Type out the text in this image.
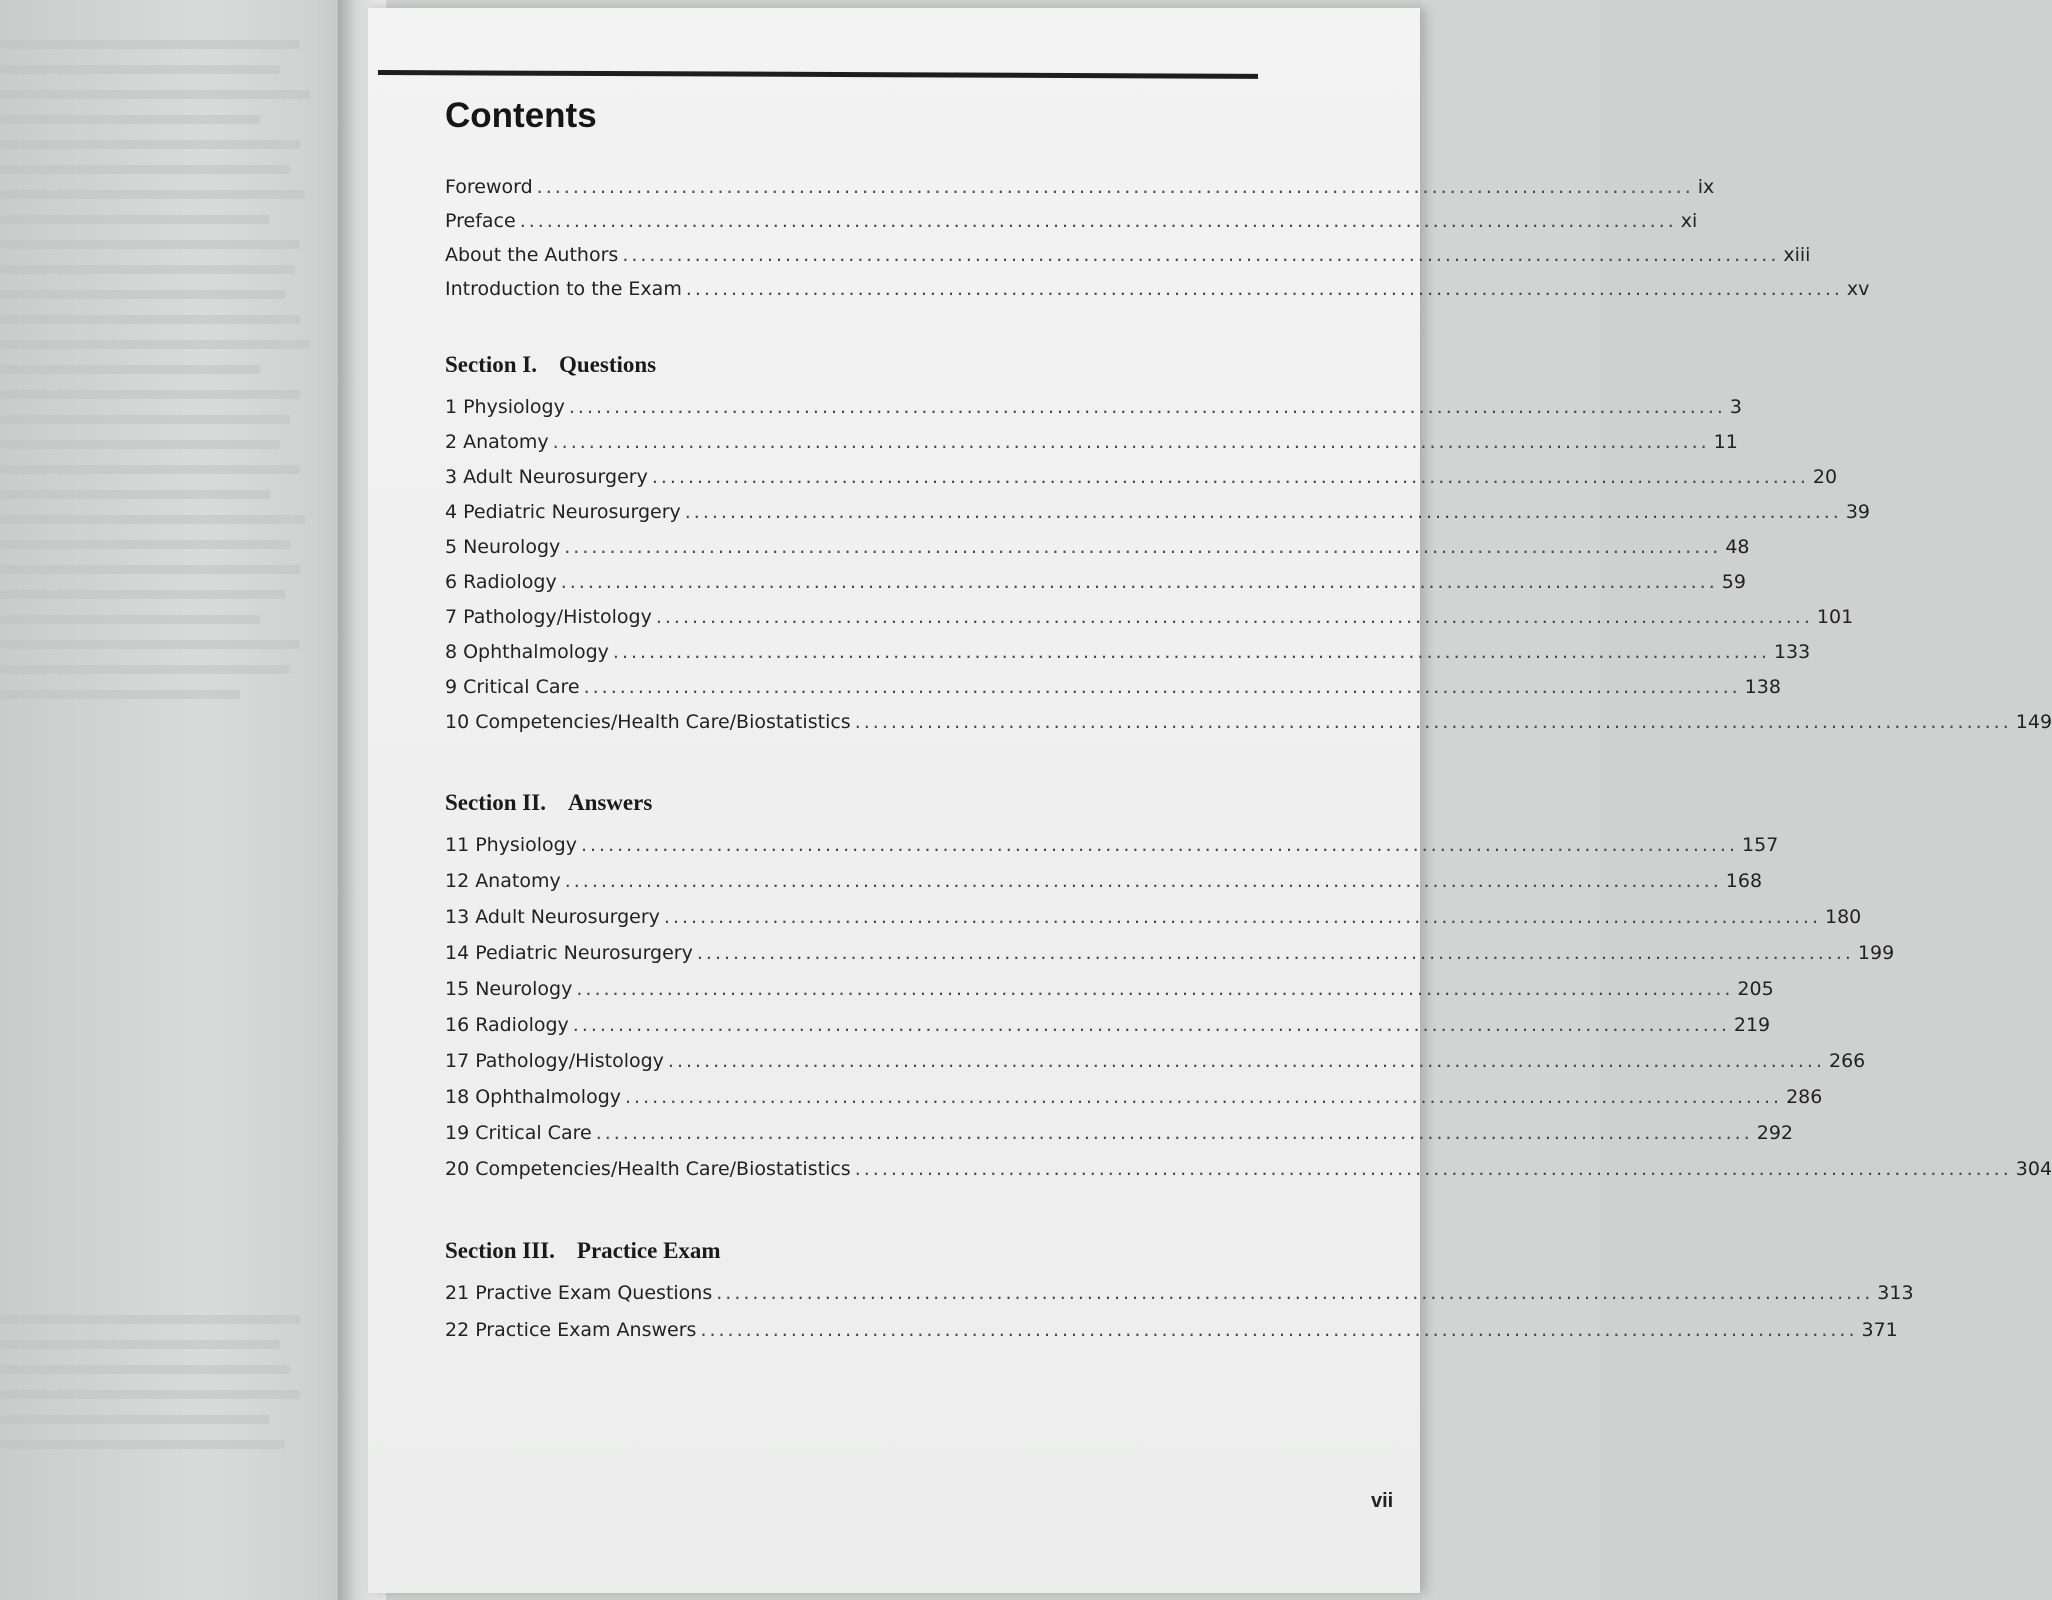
Contents
Foreword ................................................................................................................................ ix
Preface ................................................................................................................................ xi
About the Authors ................................................................................................................................ xiii
Introduction to the Exam ................................................................................................................................ xv
Section I. Questions
1 Physiology ................................................................................................................................ 3
2 Anatomy ................................................................................................................................ 11
3 Adult Neurosurgery ................................................................................................................................ 20
4 Pediatric Neurosurgery ................................................................................................................................ 39
5 Neurology ................................................................................................................................ 48
6 Radiology ................................................................................................................................ 59
7 Pathology/Histology ................................................................................................................................ 101
8 Ophthalmology ................................................................................................................................ 133
9 Critical Care ................................................................................................................................ 138
10 Competencies/Health Care/Biostatistics ................................................................................................................................ 149
Section II. Answers
11 Physiology ................................................................................................................................ 157
12 Anatomy ................................................................................................................................ 168
13 Adult Neurosurgery ................................................................................................................................ 180
14 Pediatric Neurosurgery ................................................................................................................................ 199
15 Neurology ................................................................................................................................ 205
16 Radiology ................................................................................................................................ 219
17 Pathology/Histology ................................................................................................................................ 266
18 Ophthalmology ................................................................................................................................ 286
19 Critical Care ................................................................................................................................ 292
20 Competencies/Health Care/Biostatistics ................................................................................................................................ 304
Section III. Practice Exam
21 Practive Exam Questions ................................................................................................................................ 313
22 Practice Exam Answers ................................................................................................................................ 371
vii
